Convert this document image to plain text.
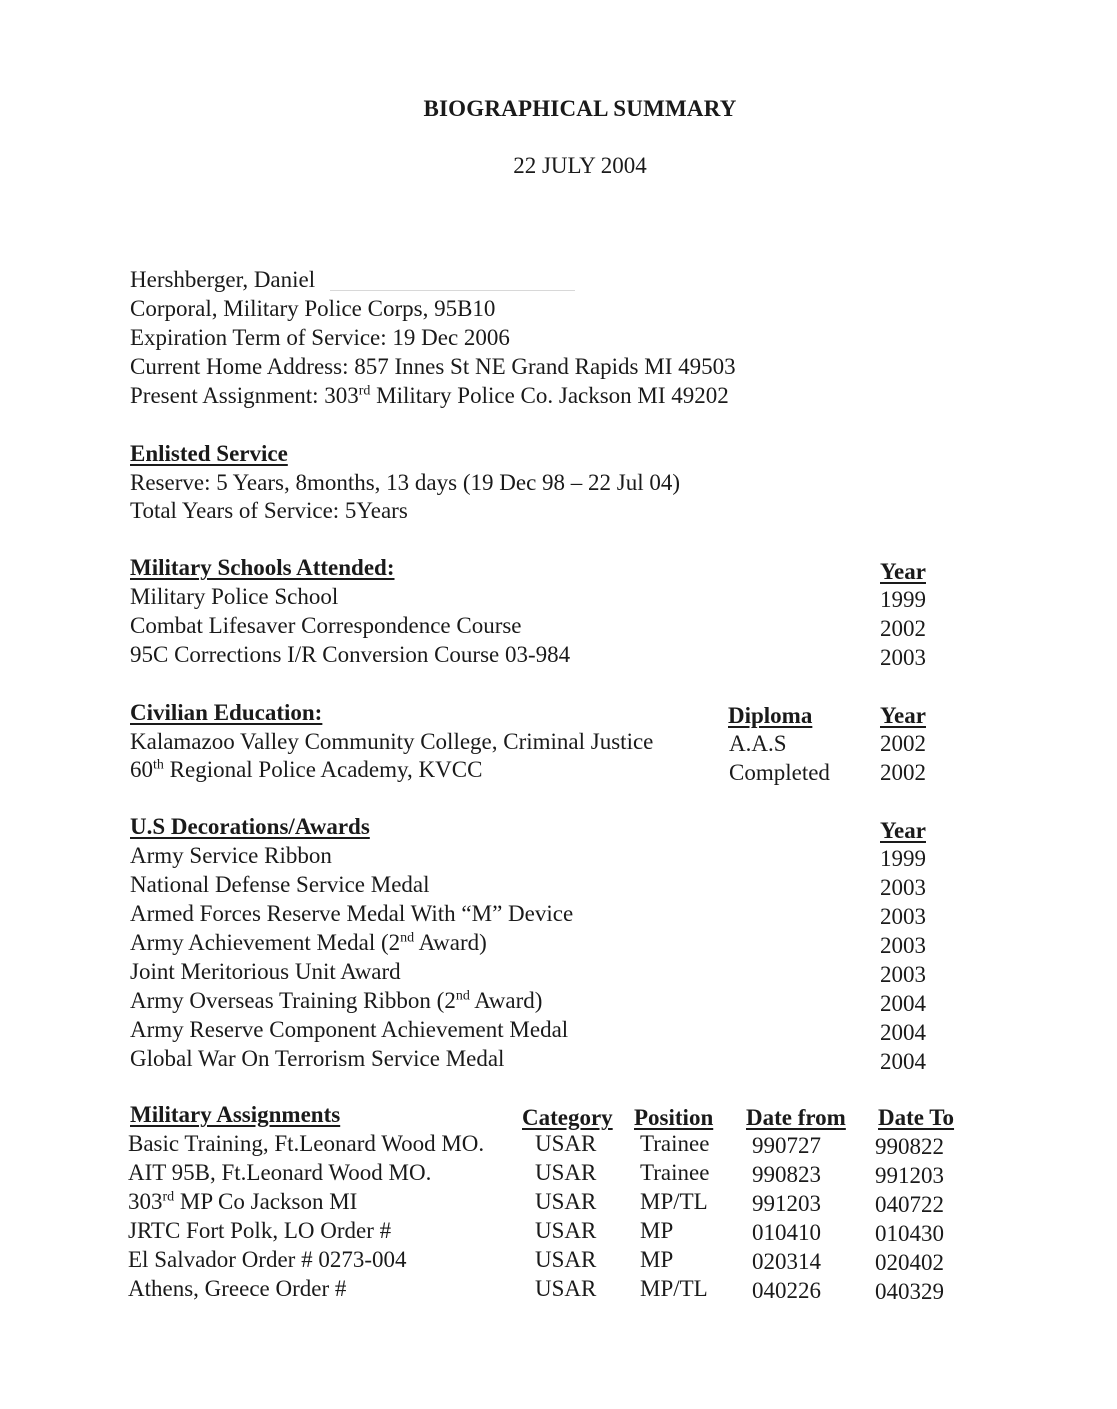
BIOGRAPHICAL SUMMARY
22 JULY 2004
Hershberger, Daniel
Corporal, Military Police Corps, 95B10
Expiration Term of Service: 19 Dec 2006
Current Home Address: 857 Innes St NE Grand Rapids MI 49503
Present Assignment: 303rd Military Police Co. Jackson MI 49202
Enlisted Service
Reserve: 5 Years, 8months, 13 days (19 Dec 98 – 22 Jul 04)
Total Years of Service: 5Years
Military Schools Attended:	Year
Military Police School	1999
Combat Lifesaver Correspondence Course	2002
95C Corrections I/R Conversion Course 03-984	2003
Civilian Education:	Diploma	Year
Kalamazoo Valley Community College, Criminal Justice	A.A.S	2002
60th Regional Police Academy, KVCC	Completed 2002
U.S Decorations/Awards	Year
Army Service Ribbon	1999
National Defense Service Medal	2003
Armed Forces Reserve Medal With “M” Device	2003
Army Achievement Medal (2nd Award)	2003
Joint Meritorious Unit Award	2003
Army Overseas Training Ribbon (2nd Award)	2004
Army Reserve Component Achievement Medal	2004
Global War On Terrorism Service Medal	2004
Military Assignments	Category Position Date from Date To
Basic Training, Ft.Leonard Wood MO. USAR Trainee 990727 990822
AIT 95B, Ft.Leonard Wood MO.	USAR Trainee 990823 991203
303rd MP Co Jackson MI	USAR MP/TL 991203 040722
JRTC Fort Polk, LO Order #	USAR MP	010410 010430
El Salvador Order # 0273-004	USAR MP	020314 020402
Athens, Greece Order #	USAR MP/TL 040226 040329
